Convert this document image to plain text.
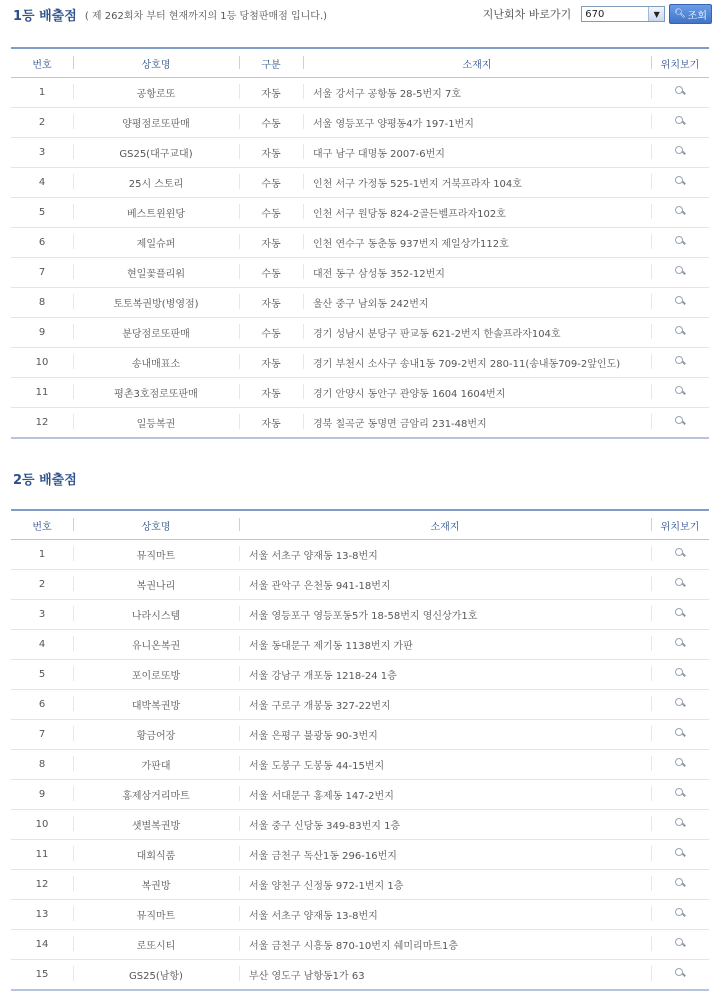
1등 배출점 ( 제 262회차 부터 현재까지의 1등 당첨판매점 입니다.)	지난회차 바로가기	670	▼	🔍︎ 조회
번호	상호명	구분	소재지	위치보기
1	공항로또	자동	서울 강서구 공항동 28-5번지 7호	
2	양평점로또판매	수동	서울 영등포구 양평동4가 197-1번지	
3	GS25(대구교대)	자동	대구 남구 대명동 2007-6번지	
4	25시 스토리	수동	인천 서구 가정동 525-1번지 거북프라자 104호	
5	베스트윈윈당	수동	인천 서구 원당동 824-2골든벨프라자102호	
6	제일슈퍼	자동	인천 연수구 동춘동 937번지 제일상가112호	
7	현일꽃플리워	수동	대전 동구 삼성동 352-12번지	
8	토토복권방(병영점)	자동	울산 중구 남외동 242번지	
9	분당점로또판매	수동	경기 성남시 분당구 판교동 621-2번지 한솔프라자104호	
10	송내매표소	자동	경기 부천시 소사구 송내1동 709-2번지 280-11(송내동709-2앞인도)	
11	평촌3호점로또판매	자동	경기 안양시 동안구 관양동 1604 1604번지	
12	일등복권	자동	경북 칠곡군 동명면 금암리 231-48번지	
2등 배출점
번호	상호명	소재지	위치보기
1	뮤직마트	서울 서초구 양재동 13-8번지	
2	복권나리	서울 관악구 은천동 941-18번지	
3	나라시스템	서울 영등포구 영등포동5가 18-58번지 영신상가1호	
4	유니온복권	서울 동대문구 제기동 1138번지 가판	
5	포이로또방	서울 강남구 개포동 1218-24 1층	
6	대박복권방	서울 구로구 개봉동 327-22번지	
7	황금어장	서울 은평구 불광동 90-3번지	
8	가판대	서울 도봉구 도봉동 44-15번지	
9	홍제삼거리마트	서울 서대문구 홍제동 147-2번지	
10	샛별복권방	서울 중구 신당동 349-83번지 1층	
11	대회식품	서울 금천구 독산1동 296-16번지	
12	복권방	서울 양천구 신정동 972-1번지 1층	
13	뮤직마트	서울 서초구 양재동 13-8번지	
14	로또시티	서울 금천구 시흥동 870-10번지 쉐미리마트1층	
15	GS25(남항)	부산 영도구 남항동1가 63	
